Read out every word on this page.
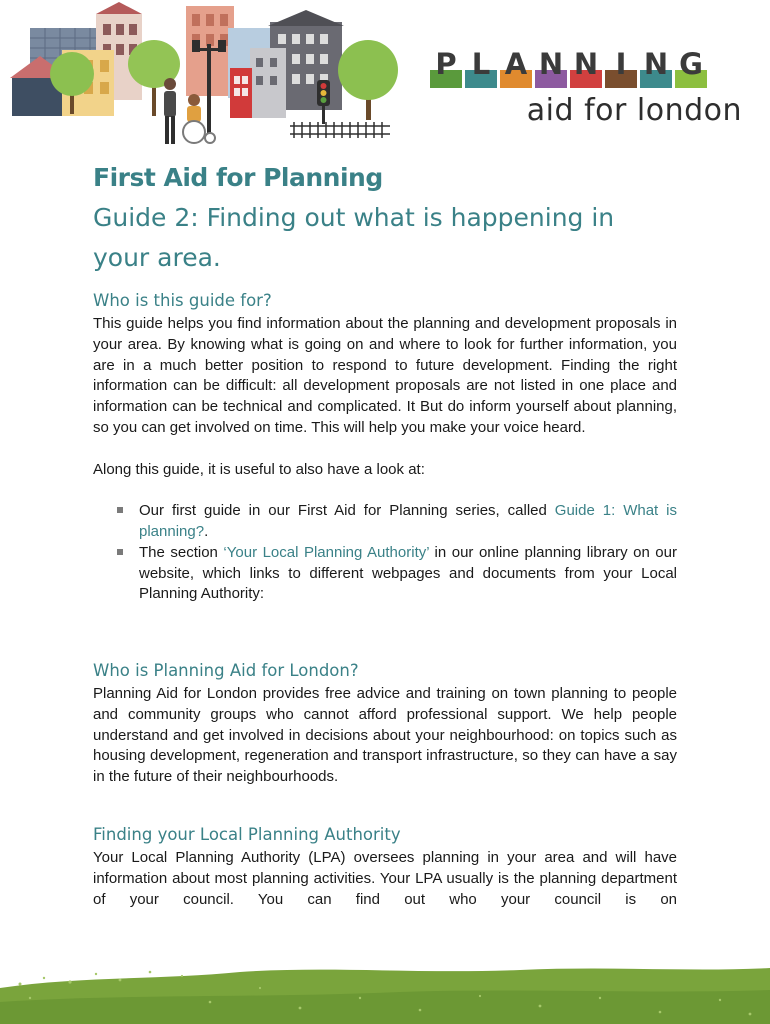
P L A N N I N G
aid for london
First Aid for Planning
Guide 2: Finding out what is happening in
your area.
Who is this guide for?

This guide helps you find information about the planning and development proposals in your area. By knowing what is going on and where to look for further information, you are in a much better position to respond to future development. Finding the right information can be difficult: all development proposals are not listed in one place and information can be technical and complicated. It But do inform yourself about planning, so you can get involved on time. This will help you make your voice heard.

Along this guide, it is useful to also have a look at:

Our first guide in our First Aid for Planning series, called Guide 1: What is planning?.
The section ‘Your Local Planning Authority’ in our online planning library on our website, which links to different webpages and documents from your Local Planning Authority:
Who is Planning Aid for London?

Planning Aid for London provides free advice and training on town planning to people and community groups who cannot afford professional support. We help people understand and get involved in decisions about your neighbourhood: on topics such as housing development, regeneration and transport infrastructure, so they can have a say in the future of their neighbourhoods.

Finding your Local Planning Authority

Your Local Planning Authority (LPA) oversees planning in your area and will have information about most planning activities. Your LPA usually is the planning department of your council. You can find out who your council is on
